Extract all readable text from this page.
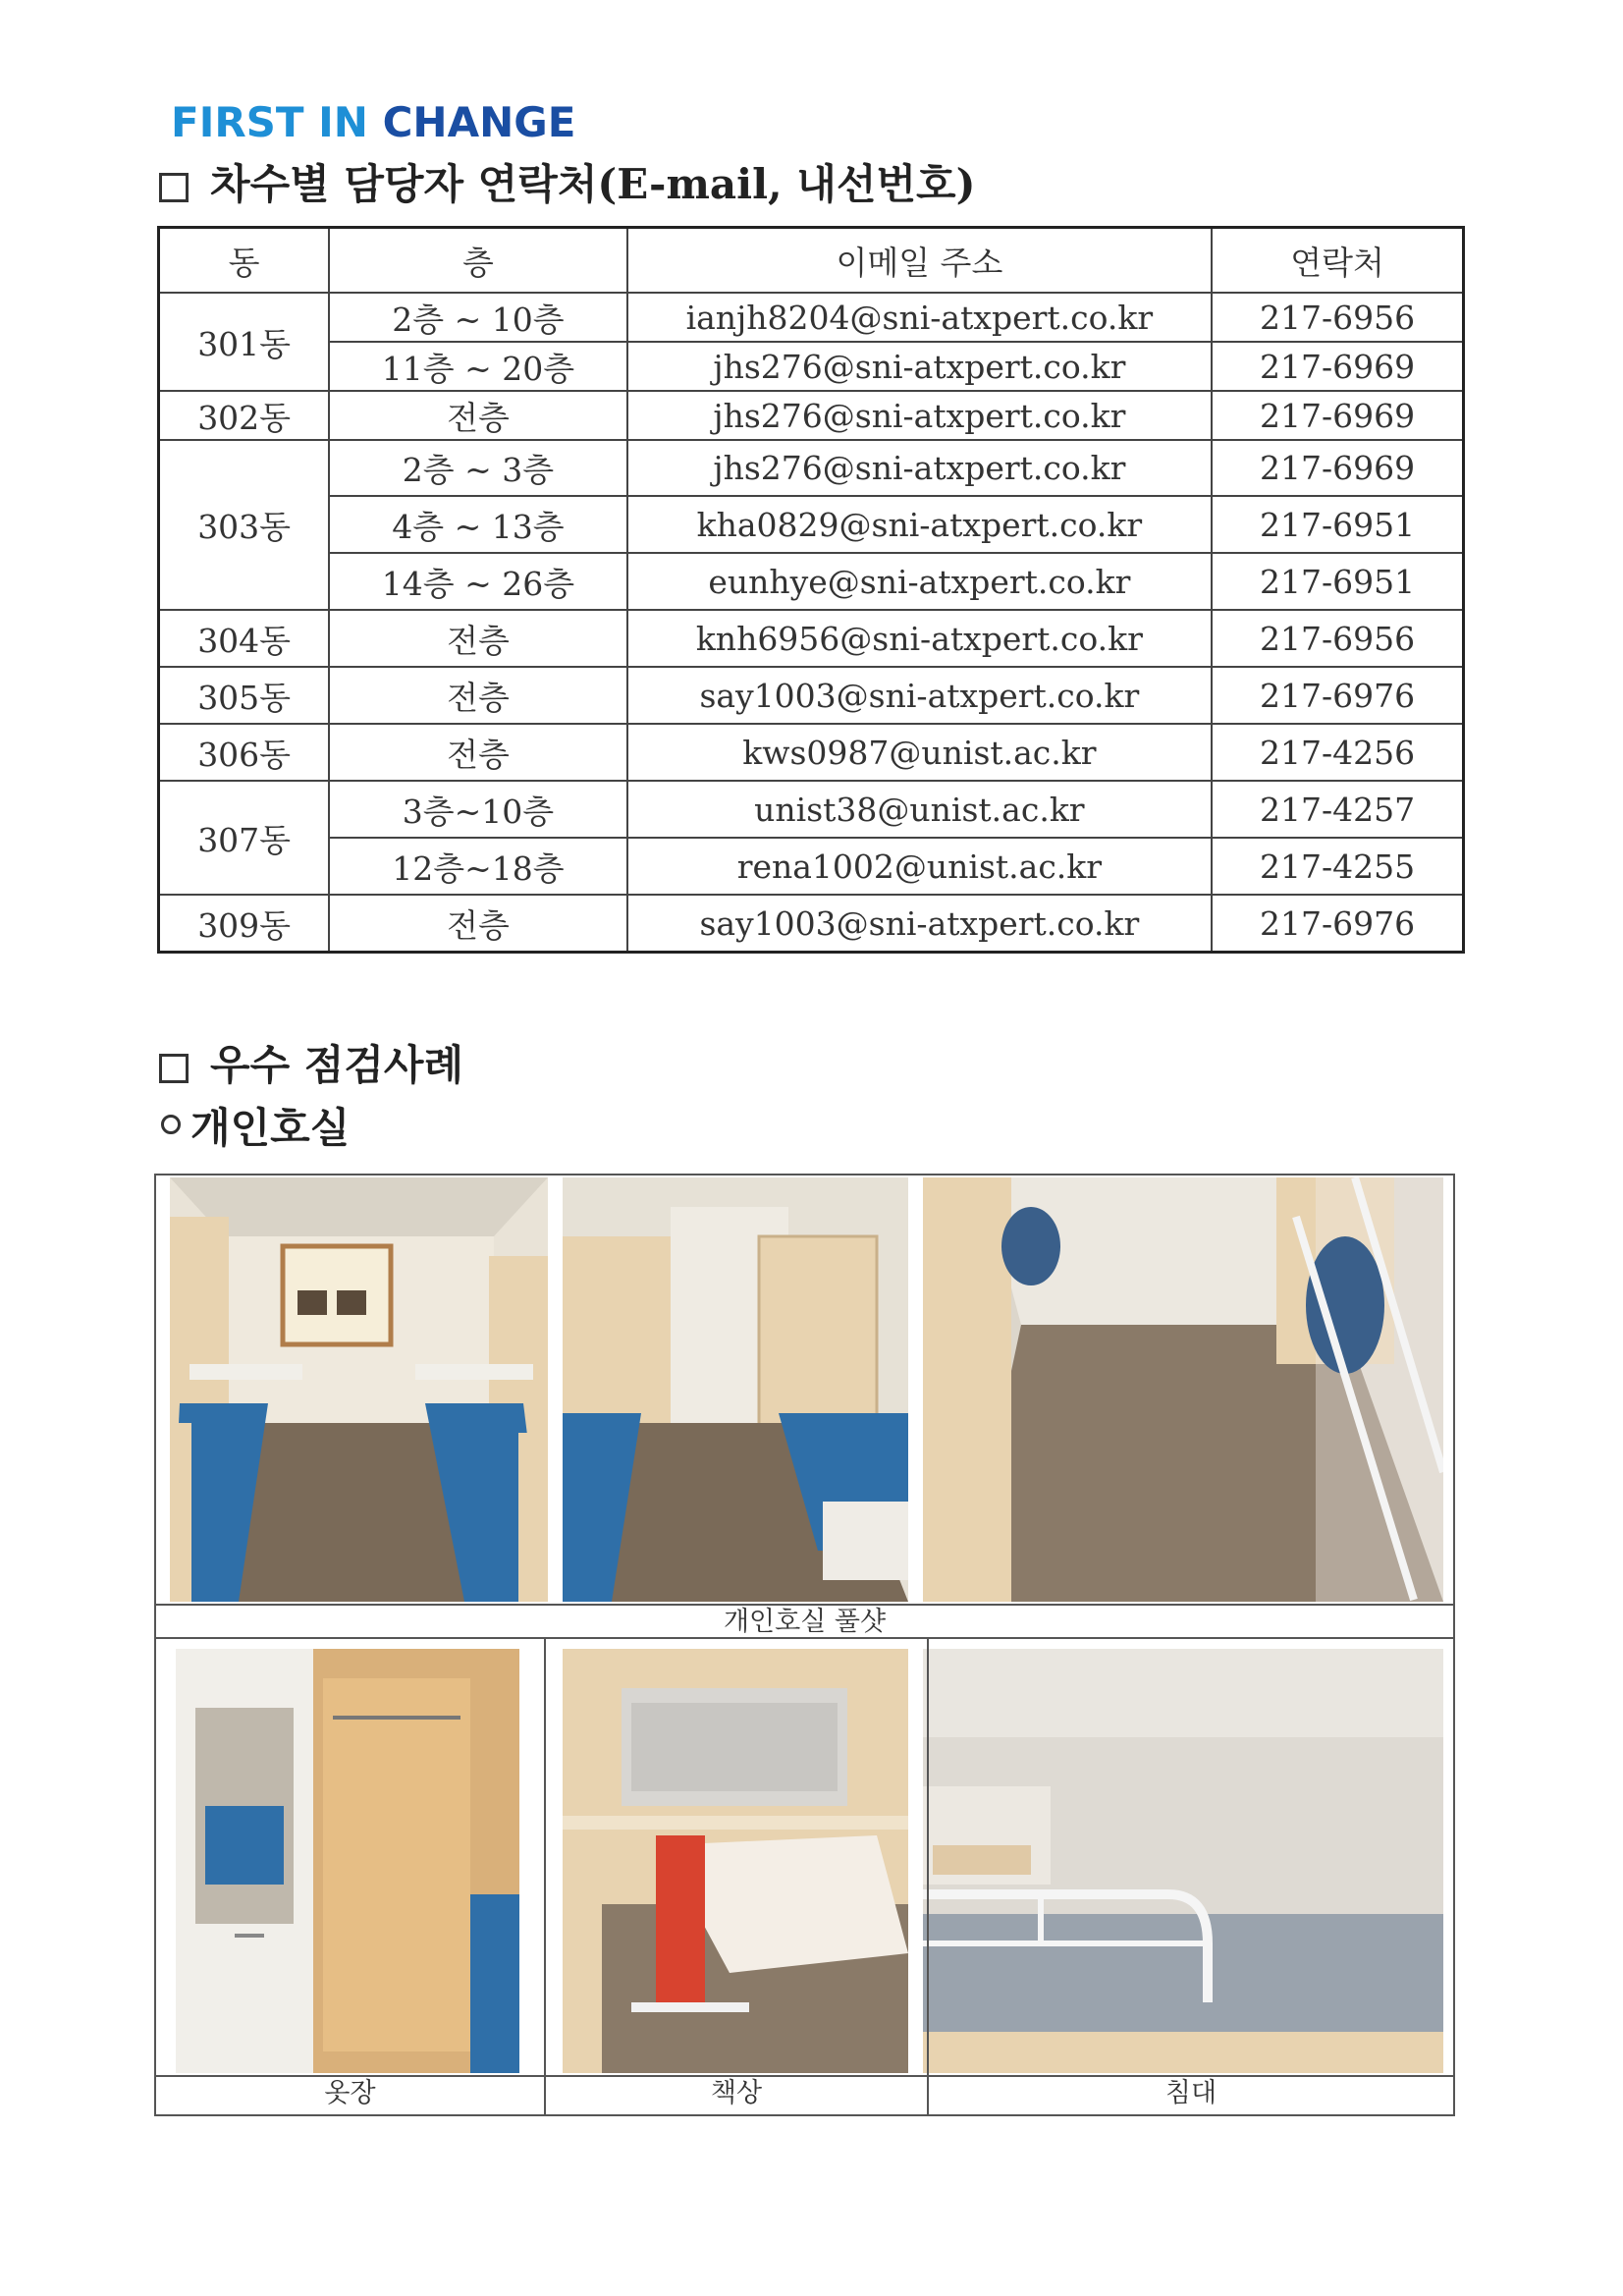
FIRST IN CHANGE
차수별 담당자 연락처(E-mail, 내선번호)
동	층	이메일 주소	연락처
301동	2층 ~ 10층	ianjh8204@sni-atxpert.co.kr	217-6956
	11층 ~ 20층	jhs276@sni-atxpert.co.kr	217-6969
302동	전층	jhs276@sni-atxpert.co.kr	217-6969
303동	2층 ~ 3층	jhs276@sni-atxpert.co.kr	217-6969
	4층 ~ 13층	kha0829@sni-atxpert.co.kr	217-6951
	14층 ~ 26층	eunhye@sni-atxpert.co.kr	217-6951
304동	전층	knh6956@sni-atxpert.co.kr	217-6956
305동	전층	say1003@sni-atxpert.co.kr	217-6976
306동	전층	kws0987@unist.ac.kr	217-4256
307동	3층~10층	unist38@unist.ac.kr	217-4257
	12층~18층	rena1002@unist.ac.kr	217-4255
309동	전층	say1003@sni-atxpert.co.kr	217-6976
우수 점검사례
개인호실
개인호실 풀샷
옷장	책상	침대
